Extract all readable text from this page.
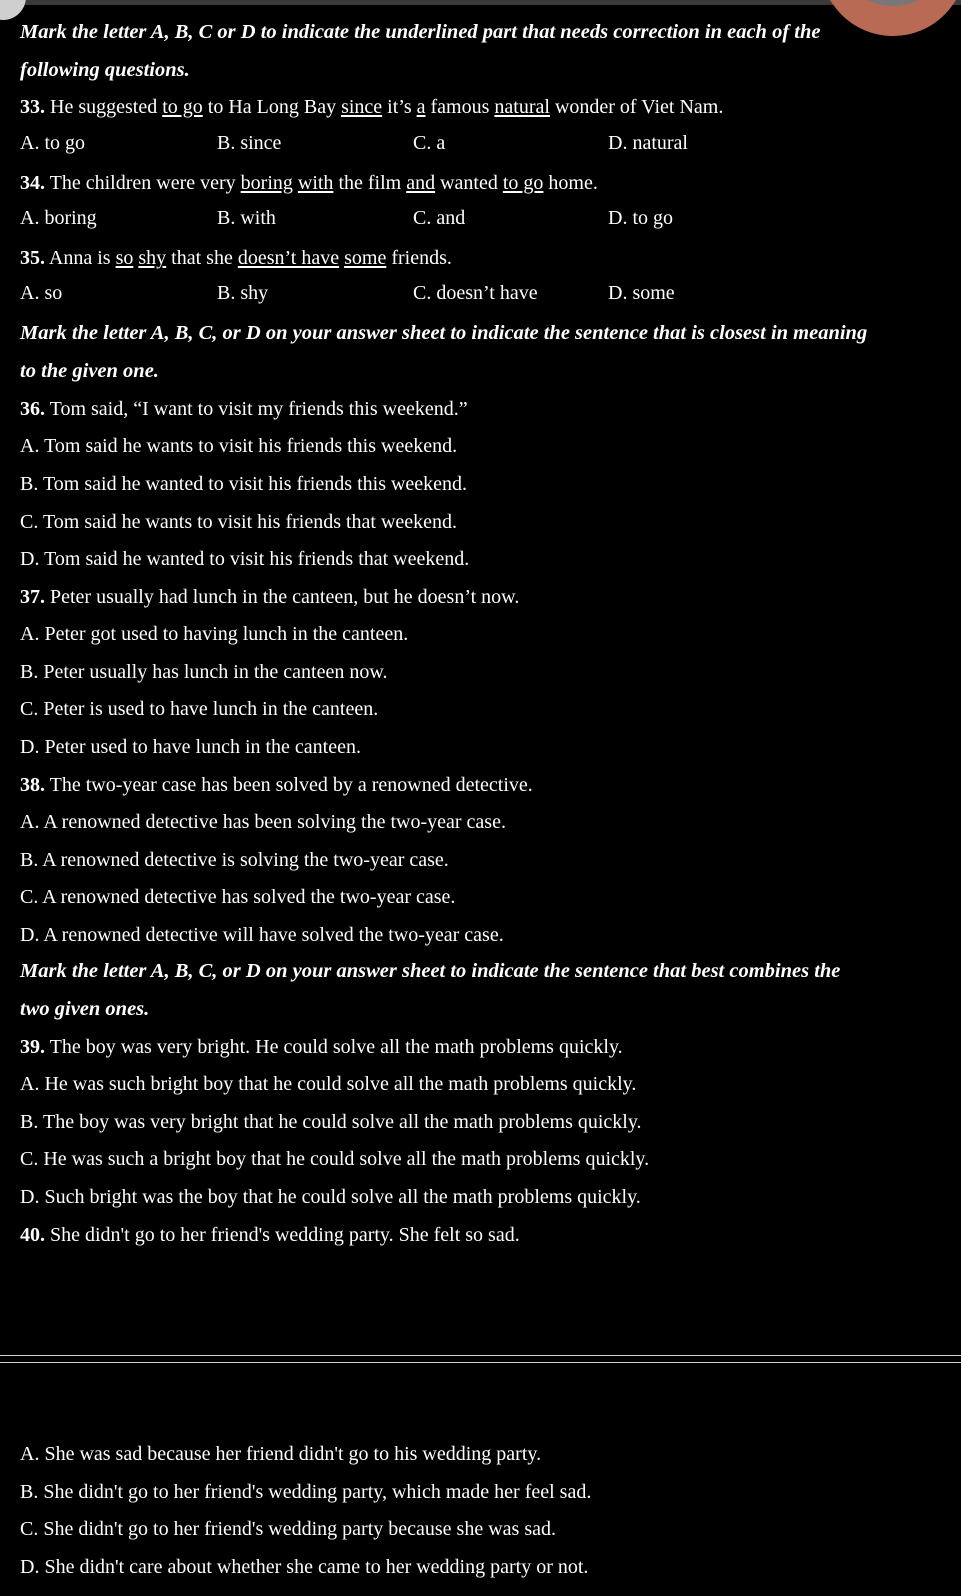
Mark the letter A, B, C or D to indicate the underlined part that needs correction in each of the
following questions.
33. He suggested to go to Ha Long Bay since it’s a famous natural wonder of Viet Nam.
A. to go	B. since	C. a	D. natural
34. The children were very boring with the film and wanted to go home.
A. boring	B. with	C. and	D. to go
35. Anna is so shy that she doesn’t have some friends.
A. so	B. shy	C. doesn’t have	D. some
Mark the letter A, B, C, or D on your answer sheet to indicate the sentence that is closest in meaning
to the given one.
36. Tom said, “I want to visit my friends this weekend.”
A. Tom said he wants to visit his friends this weekend.
B. Tom said he wanted to visit his friends this weekend.
C. Tom said he wants to visit his friends that weekend.
D. Tom said he wanted to visit his friends that weekend.
37. Peter usually had lunch in the canteen, but he doesn’t now.
A. Peter got used to having lunch in the canteen.
B. Peter usually has lunch in the canteen now.
C. Peter is used to have lunch in the canteen.
D. Peter used to have lunch in the canteen.
38. The two-year case has been solved by a renowned detective.
A. A renowned detective has been solving the two-year case.
B. A renowned detective is solving the two-year case.
C. A renowned detective has solved the two-year case.
D. A renowned detective will have solved the two-year case.
Mark the letter A, B, C, or D on your answer sheet to indicate the sentence that best combines the
two given ones.
39. The boy was very bright. He could solve all the math problems quickly.
A. He was such bright boy that he could solve all the math problems quickly.
B. The boy was very bright that he could solve all the math problems quickly.
C. He was such a bright boy that he could solve all the math problems quickly.
D. Such bright was the boy that he could solve all the math problems quickly.
40. She didn't go to her friend's wedding party. She felt so sad.
A. She was sad because her friend didn't go to his wedding party.
B. She didn't go to her friend's wedding party, which made her feel sad.
C. She didn't go to her friend's wedding party because she was sad.
D. She didn't care about whether she came to her wedding party or not.
